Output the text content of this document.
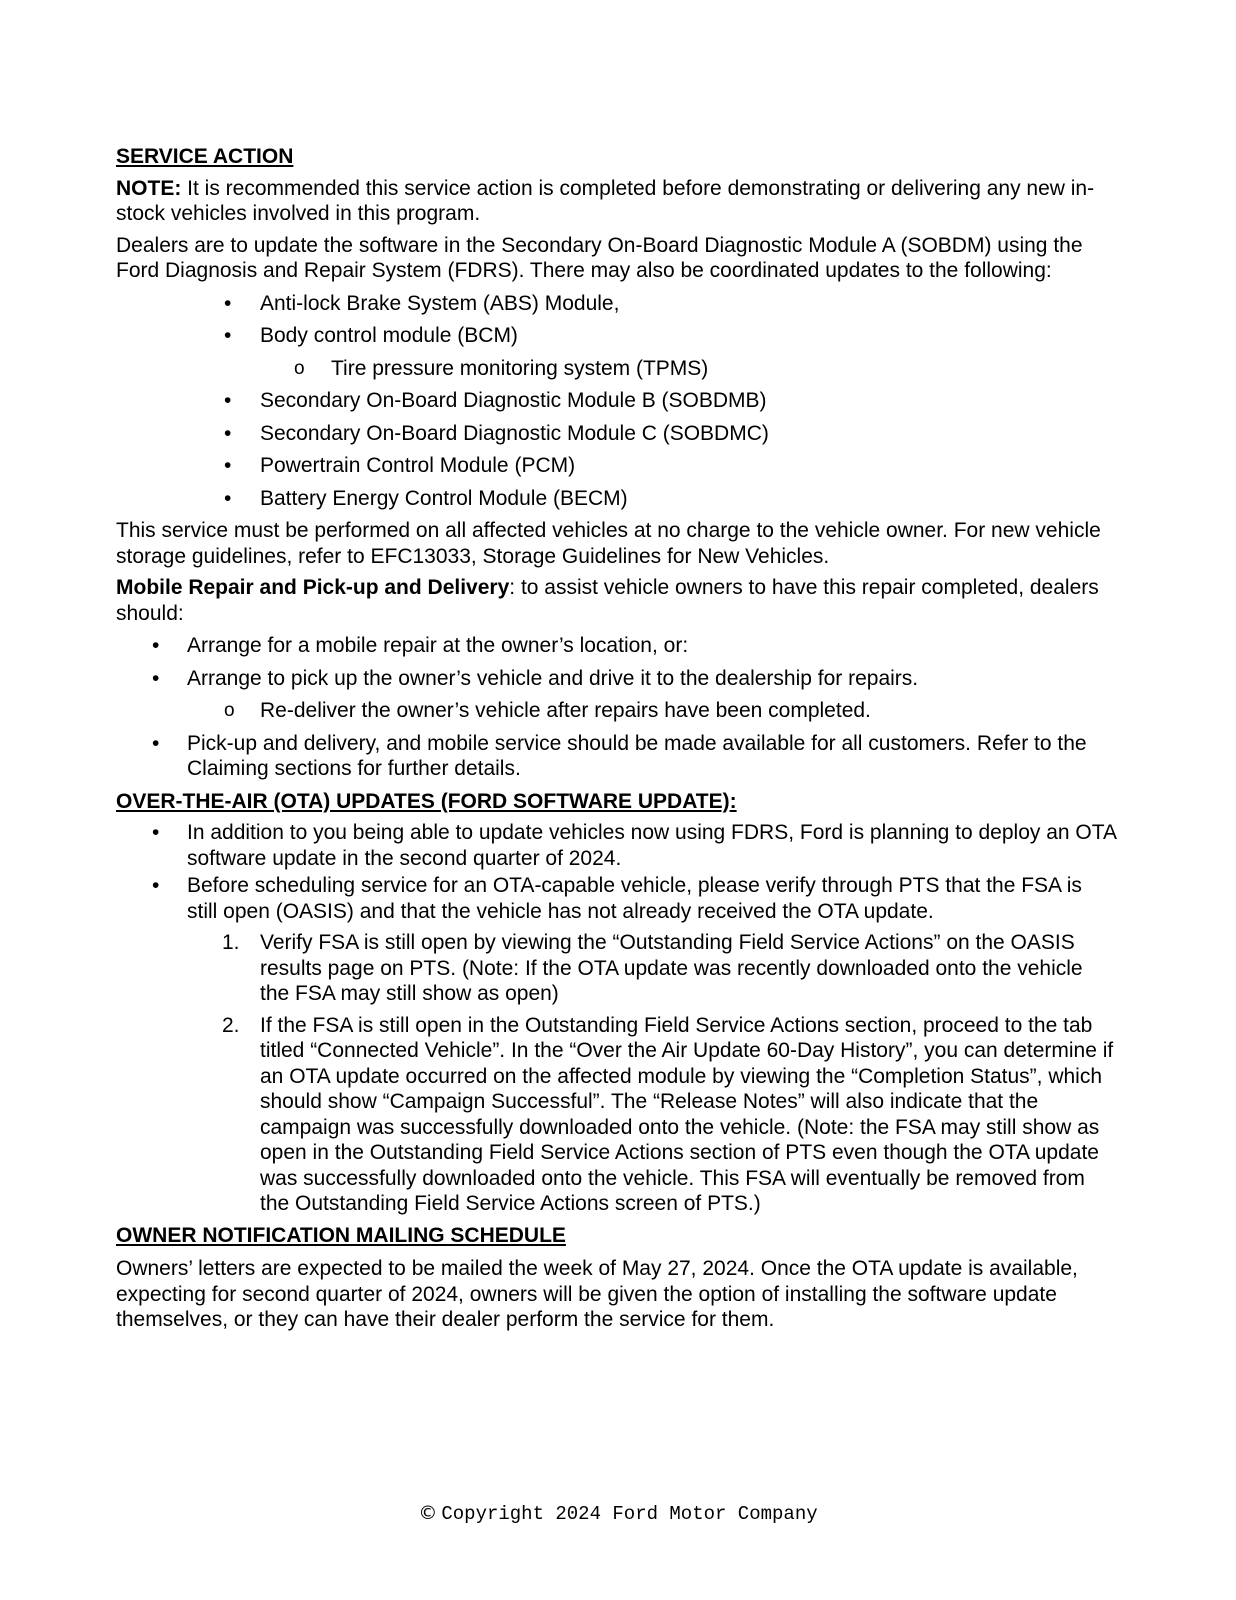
SERVICE ACTION

NOTE: It is recommended this service action is completed before demonstrating or delivering any new in-stock vehicles involved in this program.

Dealers are to update the software in the Secondary On-Board Diagnostic Module A (SOBDM) using the Ford Diagnosis and Repair System (FDRS). There may also be coordinated updates to the following:

• Anti-lock Brake System (ABS) Module,
• Body control module (BCM)
o Tire pressure monitoring system (TPMS)
• Secondary On-Board Diagnostic Module B (SOBDMB)
• Secondary On-Board Diagnostic Module C (SOBDMC)
• Powertrain Control Module (PCM)
• Battery Energy Control Module (BECM)

This service must be performed on all affected vehicles at no charge to the vehicle owner. For new vehicle storage guidelines, refer to EFC13033, Storage Guidelines for New Vehicles.

Mobile Repair and Pick-up and Delivery: to assist vehicle owners to have this repair completed, dealers should:

• Arrange for a mobile repair at the owner’s location, or:
• Arrange to pick up the owner’s vehicle and drive it to the dealership for repairs.
o Re-deliver the owner’s vehicle after repairs have been completed.
• Pick-up and delivery, and mobile service should be made available for all customers. Refer to the Claiming sections for further details.

OVER-THE-AIR (OTA) UPDATES (FORD SOFTWARE UPDATE):

• In addition to you being able to update vehicles now using FDRS, Ford is planning to deploy an OTA software update in the second quarter of 2024.
• Before scheduling service for an OTA-capable vehicle, please verify through PTS that the FSA is still open (OASIS) and that the vehicle has not already received the OTA update.
1. Verify FSA is still open by viewing the “Outstanding Field Service Actions” on the OASIS results page on PTS. (Note: If the OTA update was recently downloaded onto the vehicle the FSA may still show as open)
2. If the FSA is still open in the Outstanding Field Service Actions section, proceed to the tab titled “Connected Vehicle”. In the “Over the Air Update 60-Day History”, you can determine if an OTA update occurred on the affected module by viewing the “Completion Status”, which should show “Campaign Successful”. The “Release Notes” will also indicate that the campaign was successfully downloaded onto the vehicle. (Note: the FSA may still show as open in the Outstanding Field Service Actions section of PTS even though the OTA update was successfully downloaded onto the vehicle. This FSA will eventually be removed from the Outstanding Field Service Actions screen of PTS.)

OWNER NOTIFICATION MAILING SCHEDULE

Owners’ letters are expected to be mailed the week of May 27, 2024. Once the OTA update is available, expecting for second quarter of 2024, owners will be given the option of installing the software update themselves, or they can have their dealer perform the service for them.

© Copyright 2024 Ford Motor Company
